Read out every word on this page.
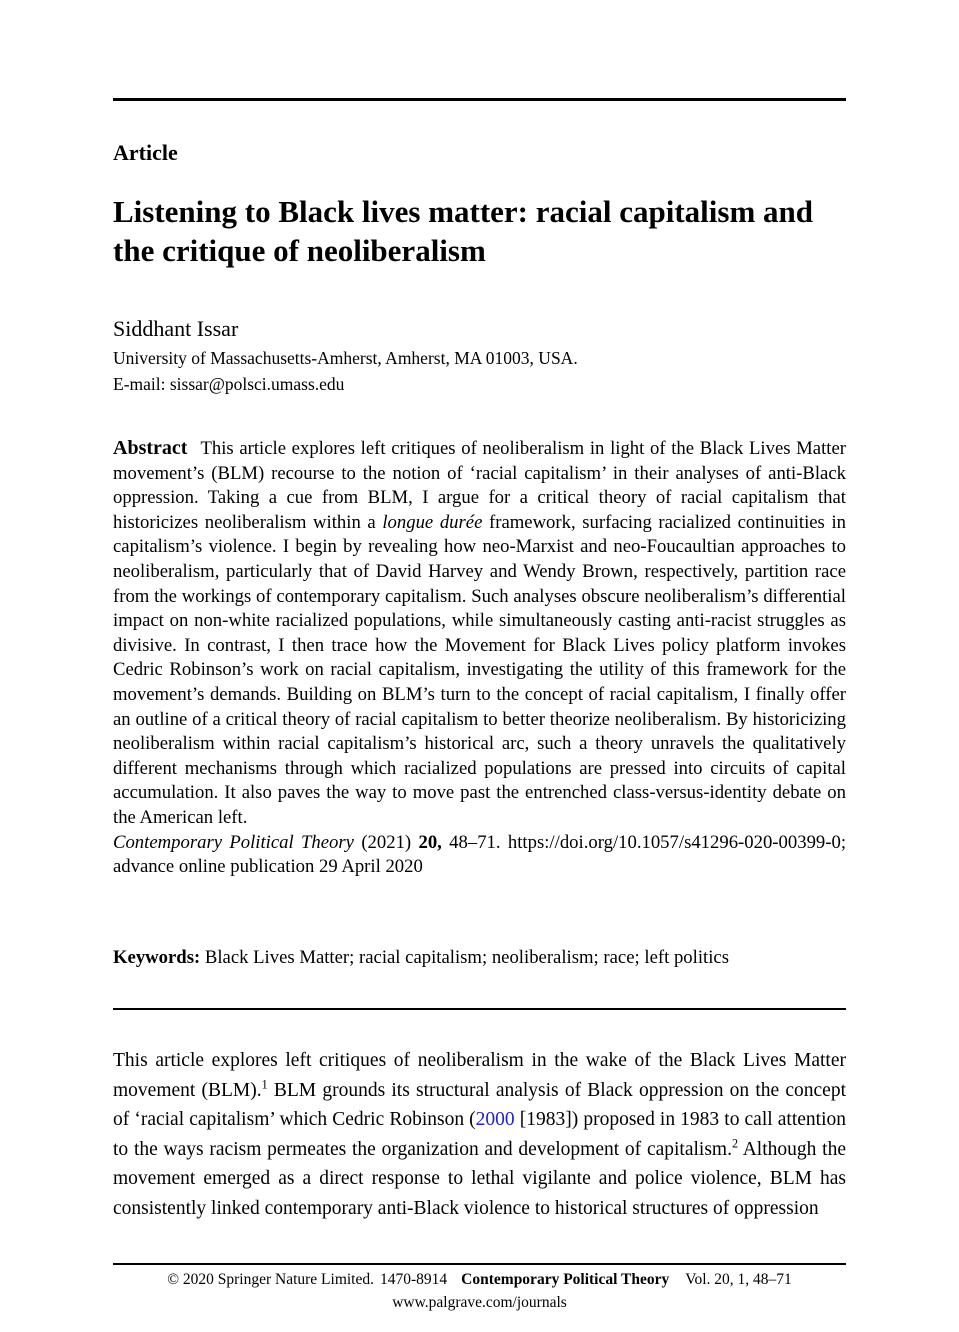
Article
Listening to Black lives matter: racial capitalism and the critique of neoliberalism
Siddhant Issar
University of Massachusetts-Amherst, Amherst, MA 01003, USA.
E-mail: sissar@polsci.umass.edu

Abstract This article explores left critiques of neoliberalism in light of the Black Lives Matter movement’s (BLM) recourse to the notion of ‘racial capitalism’ in their analyses of anti-Black oppression. Taking a cue from BLM, I argue for a critical theory of racial capitalism that historicizes neoliberalism within a longue durée framework, surfacing racialized continuities in capitalism’s violence. I begin by revealing how neo-Marxist and neo-Foucaultian approaches to neoliberalism, particularly that of David Harvey and Wendy Brown, respectively, partition race from the workings of contemporary capitalism. Such analyses obscure neoliberalism’s differential impact on non-white racialized populations, while simultaneously casting anti-racist struggles as divisive. In contrast, I then trace how the Movement for Black Lives policy platform invokes Cedric Robinson’s work on racial capitalism, investigating the utility of this framework for the movement’s demands. Building on BLM’s turn to the concept of racial capitalism, I finally offer an outline of a critical theory of racial capitalism to better theorize neoliberalism. By historicizing neoliberalism within racial capitalism’s historical arc, such a theory unravels the qualitatively different mechanisms through which racialized populations are pressed into circuits of capital accumulation. It also paves the way to move past the entrenched class-versus-identity debate on the American left.

Contemporary Political Theory (2021) 20, 48–71. https://doi.org/10.1057/s41296-020-00399-0; advance online publication 29 April 2020

Keywords: Black Lives Matter; racial capitalism; neoliberalism; race; left politics

This article explores left critiques of neoliberalism in the wake of the Black Lives Matter movement (BLM).$^1$ BLM grounds its structural analysis of Black oppression on the concept of ‘racial capitalism’ which Cedric Robinson (2000 [1983]) proposed in 1983 to call attention to the ways racism permeates the organization and development of capitalism.$^2$ Although the movement emerged as a direct response to lethal vigilante and police violence, BLM has consistently linked contemporary anti-Black violence to historical structures of oppression

© 2020 Springer Nature Limited. 1470-8914 Contemporary Political Theory Vol. 20, 1, 48–71
www.palgrave.com/journals
